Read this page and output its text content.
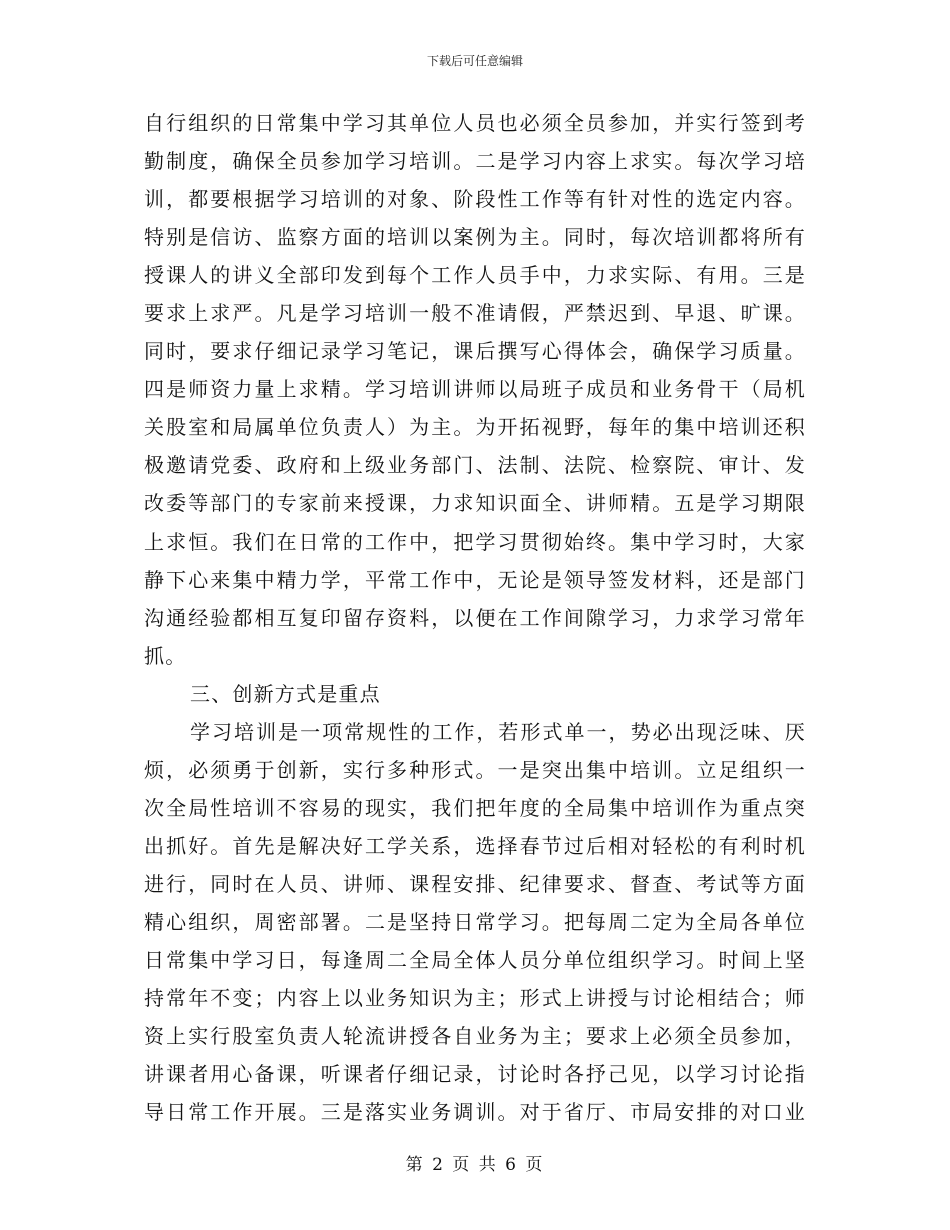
下载后可任意编辑
自行组织的日常集中学习其单位人员也必须全员参加，并实行签到考
勤制度，确保全员参加学习培训。二是学习内容上求实。每次学习培
训，都要根据学习培训的对象、阶段性工作等有针对性的选定内容。
特别是信访、监察方面的培训以案例为主。同时，每次培训都将所有
授课人的讲义全部印发到每个工作人员手中，力求实际、有用。三是
要求上求严。凡是学习培训一般不准请假，严禁迟到、早退、旷课。
同时，要求仔细记录学习笔记，课后撰写心得体会，确保学习质量。
四是师资力量上求精。学习培训讲师以局班子成员和业务骨干（局机
关股室和局属单位负责人）为主。为开拓视野，每年的集中培训还积
极邀请党委、政府和上级业务部门、法制、法院、检察院、审计、发
改委等部门的专家前来授课，力求知识面全、讲师精。五是学习期限
上求恒。我们在日常的工作中，把学习贯彻始终。集中学习时，大家
静下心来集中精力学，平常工作中，无论是领导签发材料，还是部门
沟通经验都相互复印留存资料，以便在工作间隙学习，力求学习常年
抓。
三、创新方式是重点
学习培训是一项常规性的工作，若形式单一，势必出现泛味、厌
烦，必须勇于创新，实行多种形式。一是突出集中培训。立足组织一
次全局性培训不容易的现实，我们把年度的全局集中培训作为重点突
出抓好。首先是解决好工学关系，选择春节过后相对轻松的有利时机
进行，同时在人员、讲师、课程安排、纪律要求、督查、考试等方面
精心组织，周密部署。二是坚持日常学习。把每周二定为全局各单位
日常集中学习日，每逢周二全局全体人员分单位组织学习。时间上坚
持常年不变；内容上以业务知识为主；形式上讲授与讨论相结合；师
资上实行股室负责人轮流讲授各自业务为主；要求上必须全员参加，
讲课者用心备课，听课者仔细记录，讨论时各抒己见，以学习讨论指
导日常工作开展。三是落实业务调训。对于省厅、市局安排的对口业
第 2 页 共 6 页
